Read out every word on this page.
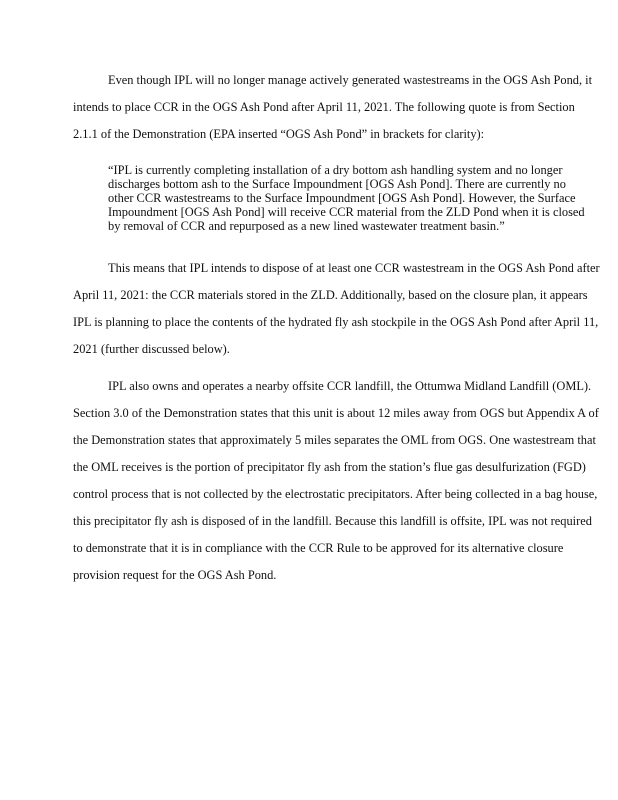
Even though IPL will no longer manage actively generated wastestreams in the OGS Ash Pond, it intends to place CCR in the OGS Ash Pond after April 11, 2021. The following quote is from Section 2.1.1 of the Demonstration (EPA inserted “OGS Ash Pond” in brackets for clarity):

“IPL is currently completing installation of a dry bottom ash handling system and no longer discharges bottom ash to the Surface Impoundment [OGS Ash Pond]. There are currently no other CCR wastestreams to the Surface Impoundment [OGS Ash Pond]. However, the Surface Impoundment [OGS Ash Pond] will receive CCR material from the ZLD Pond when it is closed by removal of CCR and repurposed as a new lined wastewater treatment basin.”

This means that IPL intends to dispose of at least one CCR wastestream in the OGS Ash Pond after April 11, 2021: the CCR materials stored in the ZLD. Additionally, based on the closure plan, it appears IPL is planning to place the contents of the hydrated fly ash stockpile in the OGS Ash Pond after April 11, 2021 (further discussed below).

IPL also owns and operates a nearby offsite CCR landfill, the Ottumwa Midland Landfill (OML). Section 3.0 of the Demonstration states that this unit is about 12 miles away from OGS but Appendix A of the Demonstration states that approximately 5 miles separates the OML from OGS. One wastestream that the OML receives is the portion of precipitator fly ash from the station’s flue gas desulfurization (FGD) control process that is not collected by the electrostatic precipitators. After being collected in a bag house, this precipitator fly ash is disposed of in the landfill. Because this landfill is offsite, IPL was not required to demonstrate that it is in compliance with the CCR Rule to be approved for its alternative closure provision request for the OGS Ash Pond.
